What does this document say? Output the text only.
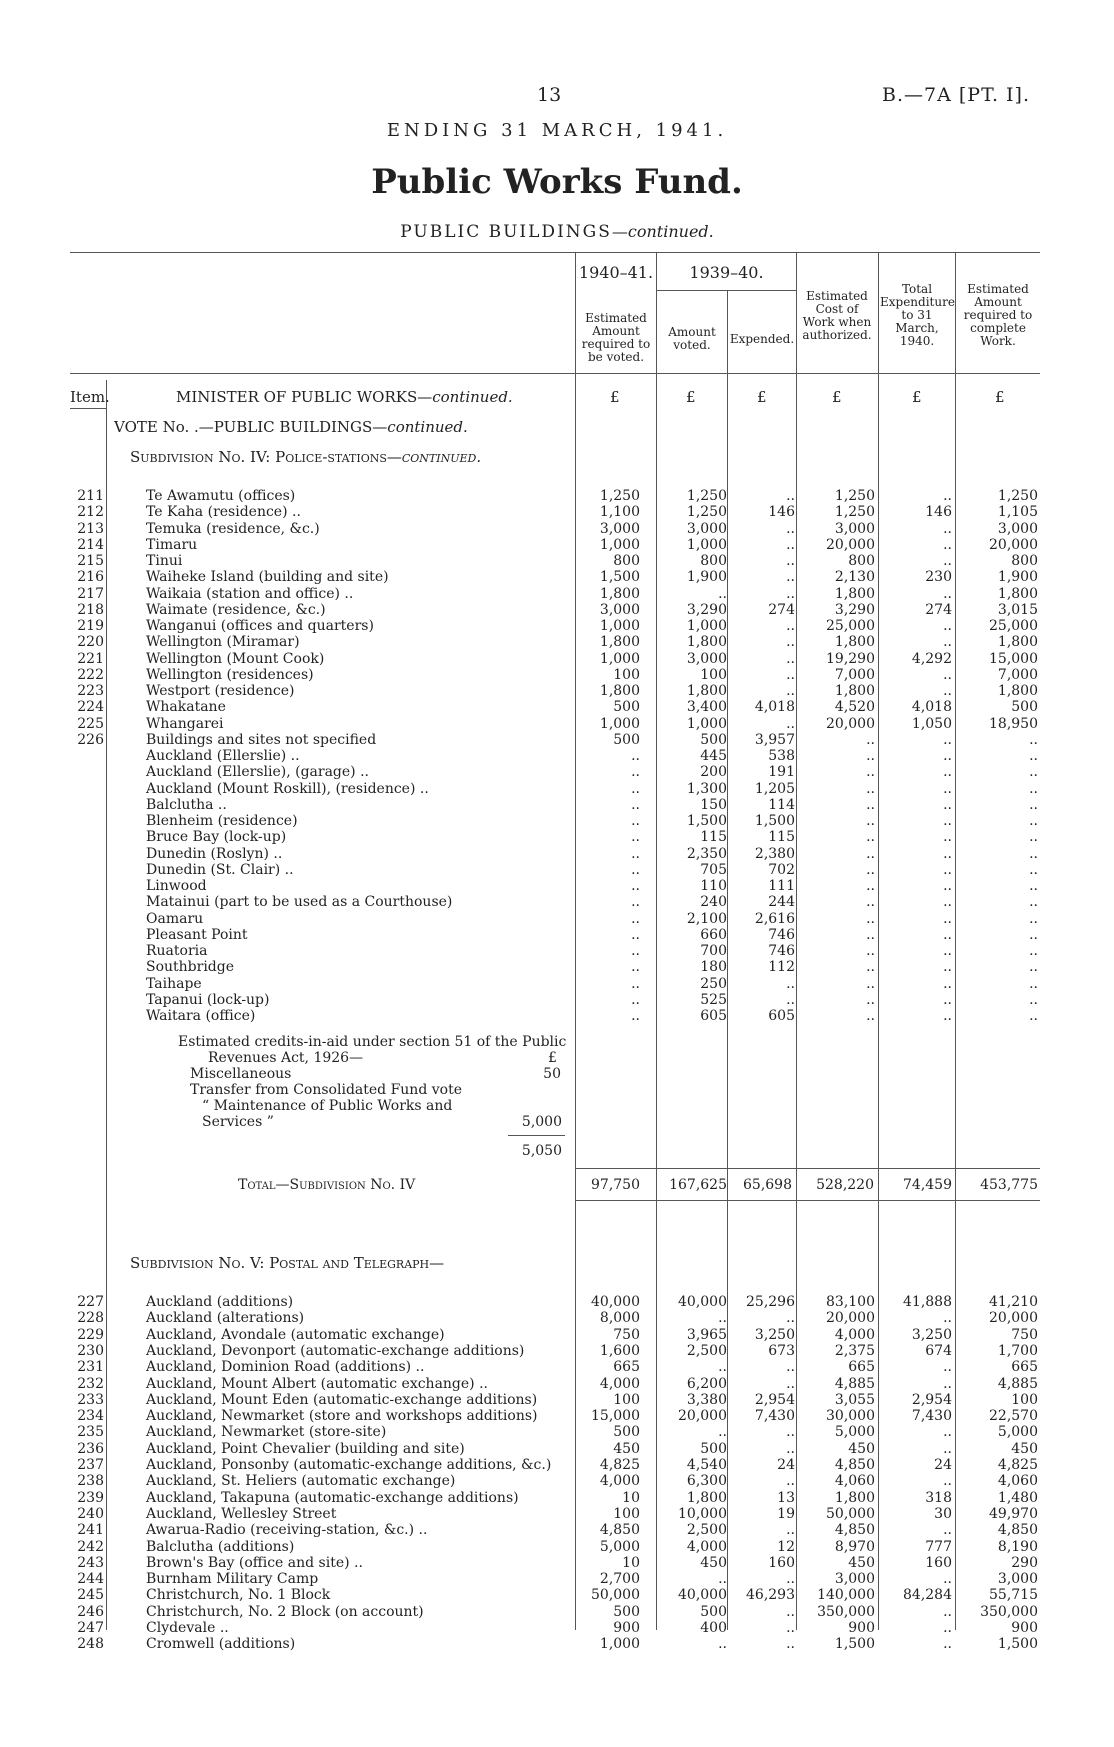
13	B.—7A [PT. I].
ENDING 31 MARCH, 1941.
Public Works Fund.
PUBLIC BUILDINGS—continued.
1940–41.	1939–40.
Estimated Amount required to be voted.
Amount voted.	Expended.
Estimated Cost of Work when authorized.
Total Expenditure to 31 March, 1940.
Estimated Amount required to complete Work.
Item.	MINISTER OF PUBLIC WORKS—continued.	£	£	£	£	£	£
VOTE No. .—PUBLIC BUILDINGS—continued.
Subdivision No. IV: Police-stations—continued.
211	Te Awamutu (offices)	1,250	1,250	..	1,250	..	1,250
212	Te Kaha (residence) ..	1,100	1,250	146	1,250	146	1,105
213	Temuka (residence, &c.)	3,000	3,000	..	3,000	..	3,000
214	Timaru	1,000	1,000	..	20,000	..	20,000
215	Tinui	800	800	..	800	..	800
216	Waiheke Island (building and site)	1,500	1,900	..	2,130	230	1,900
217	Waikaia (station and office) ..	1,800	..	..	1,800	..	1,800
218	Waimate (residence, &c.)	3,000	3,290	274	3,290	274	3,015
219	Wanganui (offices and quarters)	1,000	1,000	..	25,000	..	25,000
220	Wellington (Miramar)	1,800	1,800	..	1,800	..	1,800
221	Wellington (Mount Cook)	1,000	3,000	..	19,290	4,292	15,000
222	Wellington (residences)	100	100	..	7,000	..	7,000
223	Westport (residence)	1,800	1,800	..	1,800	..	1,800
224	Whakatane	500	3,400	4,018	4,520	4,018	500
225	Whangarei	1,000	1,000	..	20,000	1,050	18,950
226	Buildings and sites not specified	500	500	3,957	..	..	..
Auckland (Ellerslie) ..	..	445	538	..	..	..
Auckland (Ellerslie), (garage) ..	..	200	191	..	..	..
Auckland (Mount Roskill), (residence) ..	..	1,300	1,205	..	..	..
Balclutha ..	..	150	114	..	..	..
Blenheim (residence)	..	1,500	1,500	..	..	..
Bruce Bay (lock-up)	..	115	115	..	..	..
Dunedin (Roslyn) ..	..	2,350	2,380	..	..	..
Dunedin (St. Clair) ..	..	705	702	..	..	..
Linwood	..	110	111	..	..	..
Matainui (part to be used as a Courthouse)	..	240	244	..	..	..
Oamaru	..	2,100	2,616	..	..	..
Pleasant Point	..	660	746	..	..	..
Ruatoria	..	700	746	..	..	..
Southbridge	..	180	112	..	..	..
Taihape	..	250	..	..	..	..
Tapanui (lock-up)	..	525	..	..	..	..
Waitara (office)	..	605	605	..	..	..
Estimated credits-in-aid under section 51 of the Public
Revenues Act, 1926—	£
Miscellaneous	50
Transfer from Consolidated Fund vote
“ Maintenance of Public Works and
Services ”	5,000
5,050
Total—Subdivision No. IV	97,750	167,625	65,698	528,220	74,459	453,775
Subdivision No. V: Postal and Telegraph—
227	Auckland (additions)	40,000	40,000	25,296	83,100	41,888	41,210
228	Auckland (alterations)	8,000	..	..	20,000	..	20,000
229	Auckland, Avondale (automatic exchange)	750	3,965	3,250	4,000	3,250	750
230	Auckland, Devonport (automatic-exchange additions)	1,600	2,500	673	2,375	674	1,700
231	Auckland, Dominion Road (additions) ..	665	..	..	665	..	665
232	Auckland, Mount Albert (automatic exchange) ..	4,000	6,200	..	4,885	..	4,885
233	Auckland, Mount Eden (automatic-exchange additions)	100	3,380	2,954	3,055	2,954	100
234	Auckland, Newmarket (store and workshops additions)	15,000	20,000	7,430	30,000	7,430	22,570
235	Auckland, Newmarket (store-site)	500	..	..	5,000	..	5,000
236	Auckland, Point Chevalier (building and site)	450	500	..	450	..	450
237	Auckland, Ponsonby (automatic-exchange additions, &c.)	4,825	4,540	24	4,850	24	4,825
238	Auckland, St. Heliers (automatic exchange)	4,000	6,300	..	4,060	..	4,060
239	Auckland, Takapuna (automatic-exchange additions)	10	1,800	13	1,800	318	1,480
240	Auckland, Wellesley Street	100	10,000	19	50,000	30	49,970
241	Awarua-Radio (receiving-station, &c.) ..	4,850	2,500	..	4,850	..	4,850
242	Balclutha (additions)	5,000	4,000	12	8,970	777	8,190
243	Brown's Bay (office and site) ..	10	450	160	450	160	290
244	Burnham Military Camp	2,700	..	..	3,000	..	3,000
245	Christchurch, No. 1 Block	50,000	40,000	46,293	140,000	84,284	55,715
246	Christchurch, No. 2 Block (on account)	500	500	..	350,000	..	350,000
247	Clydevale ..	900	400	..	900	..	900
248	Cromwell (additions)	1,000	..	..	1,500	..	1,500
